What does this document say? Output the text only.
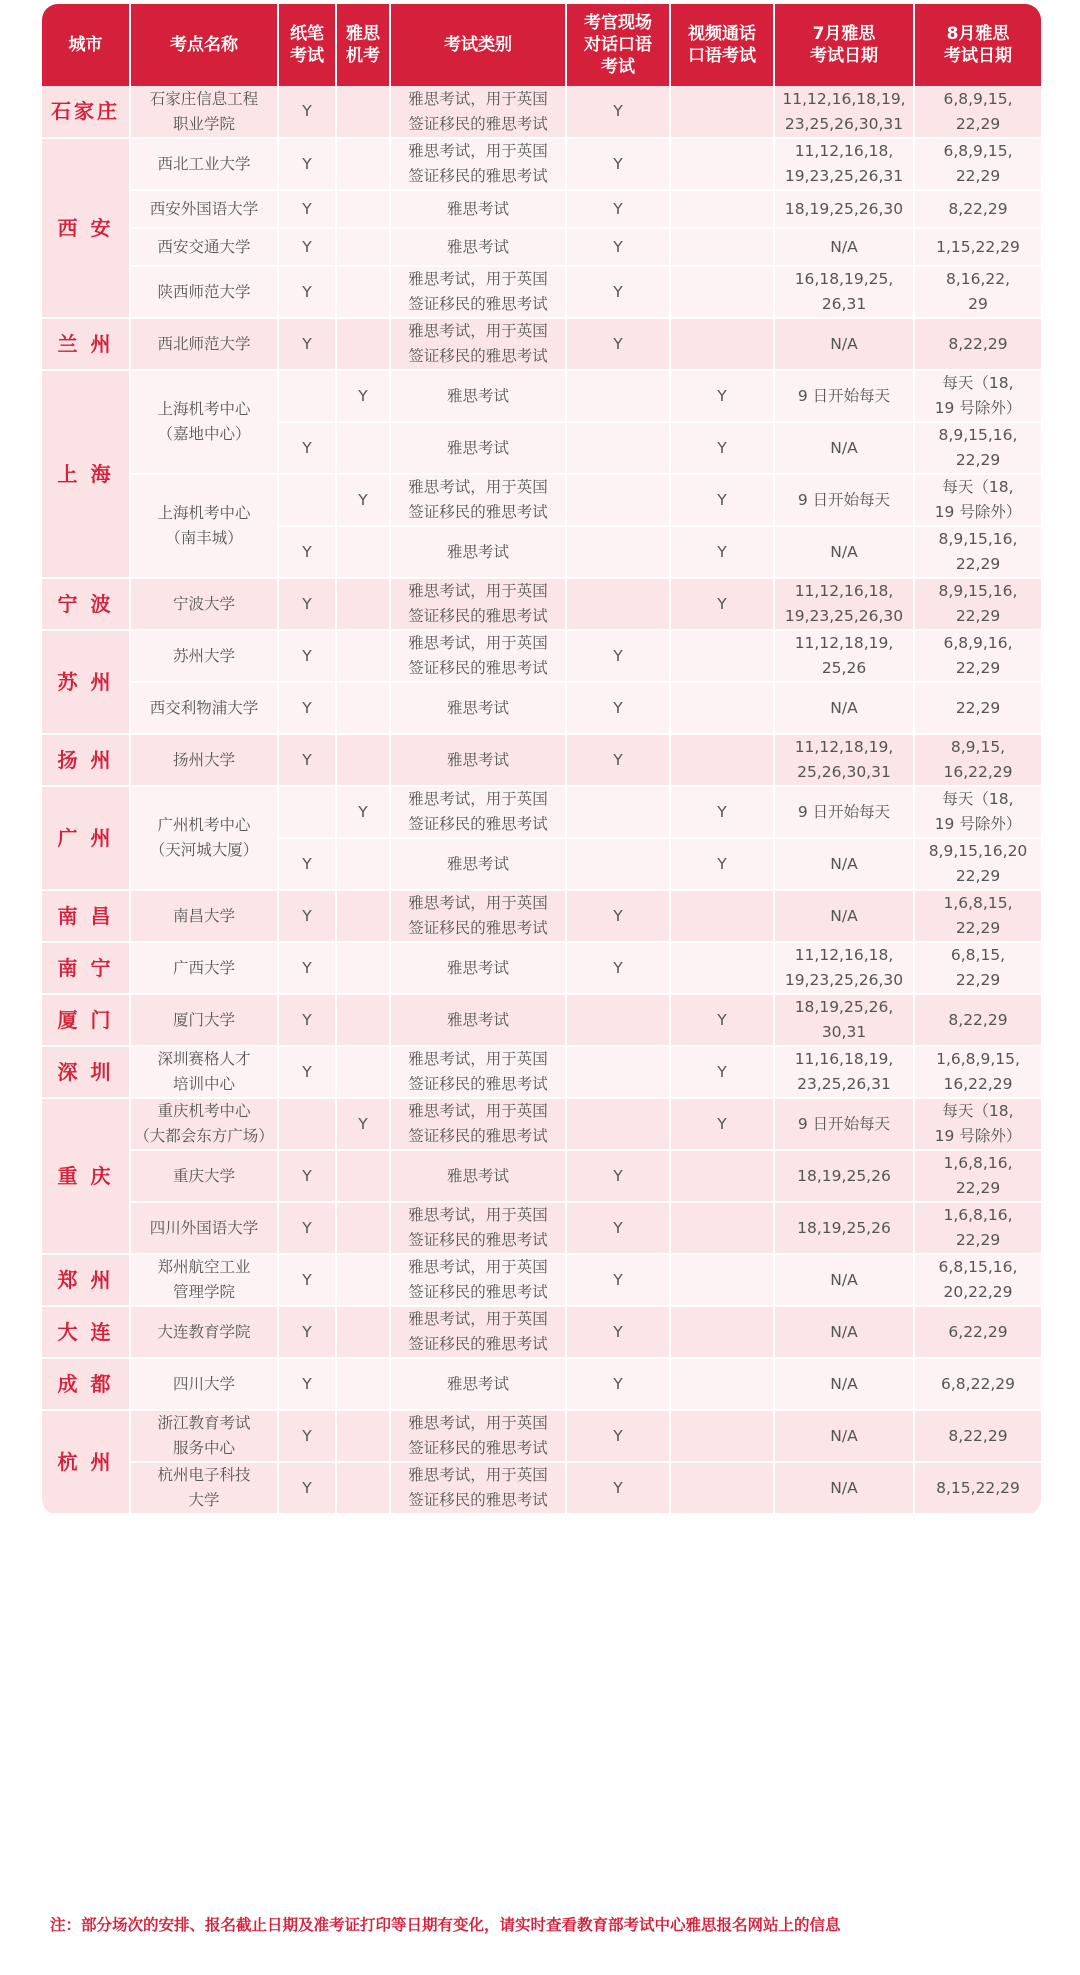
城市	考点名称	纸笔
考试	雅思
机考	考试类别	考官现场
对话口语
考试	视频通话
口语考试	7月雅思
考试日期	8月雅思
考试日期
石家庄	石家庄信息工程
职业学院	Y		雅思考试，用于英国
签证移民的雅思考试	Y		11,12,16,18,19,
23,25,26,30,31	6,8,9,15,
22,29
西 安	西北工业大学	Y		雅思考试，用于英国
签证移民的雅思考试	Y		11,12,16,18,
19,23,25,26,31	6,8,9,15,
22,29
	西安外国语大学	Y		雅思考试	Y		18,19,25,26,30	8,22,29
	西安交通大学	Y		雅思考试	Y		N/A	1,15,22,29
	陕西师范大学	Y		雅思考试，用于英国
签证移民的雅思考试	Y		16,18,19,25,
26,31	8,16,22,
29
兰 州	西北师范大学	Y		雅思考试，用于英国
签证移民的雅思考试	Y		N/A	8,22,29
上 海	上海机考中心
（嘉地中心）		Y	雅思考试		Y	9 日开始每天	每天（18,
19 号除外）
		Y		雅思考试		Y	N/A	8,9,15,16,
22,29
	上海机考中心
（南丰城）		Y	雅思考试，用于英国
签证移民的雅思考试		Y	9 日开始每天	每天（18,
19 号除外）
		Y		雅思考试		Y	N/A	8,9,15,16,
22,29
宁 波	宁波大学	Y		雅思考试，用于英国
签证移民的雅思考试		Y	11,12,16,18,
19,23,25,26,30	8,9,15,16,
22,29
苏 州	苏州大学	Y		雅思考试，用于英国
签证移民的雅思考试	Y		11,12,18,19,
25,26	6,8,9,16,
22,29
	西交利物浦大学	Y		雅思考试	Y		N/A	22,29
扬 州	扬州大学	Y		雅思考试	Y		11,12,18,19,
25,26,30,31	8,9,15,
16,22,29
广 州	广州机考中心
（天河城大厦）		Y	雅思考试，用于英国
签证移民的雅思考试		Y	9 日开始每天	每天（18,
19 号除外）
		Y		雅思考试		Y	N/A	8,9,15,16,20
22,29
南 昌	南昌大学	Y		雅思考试，用于英国
签证移民的雅思考试	Y		N/A	1,6,8,15,
22,29
南 宁	广西大学	Y		雅思考试	Y		11,12,16,18,
19,23,25,26,30	6,8,15,
22,29
厦 门	厦门大学	Y		雅思考试		Y	18,19,25,26,
30,31	8,22,29
深 圳	深圳赛格人才
培训中心	Y		雅思考试，用于英国
签证移民的雅思考试		Y	11,16,18,19,
23,25,26,31	1,6,8,9,15,
16,22,29
重 庆	重庆机考中心
（大都会东方广场）		Y	雅思考试，用于英国
签证移民的雅思考试		Y	9 日开始每天	每天（18,
19 号除外）
	重庆大学	Y		雅思考试	Y		18,19,25,26	1,6,8,16,
22,29
	四川外国语大学	Y		雅思考试，用于英国
签证移民的雅思考试	Y		18,19,25,26	1,6,8,16,
22,29
郑 州	郑州航空工业
管理学院	Y		雅思考试，用于英国
签证移民的雅思考试	Y		N/A	6,8,15,16,
20,22,29
大 连	大连教育学院	Y		雅思考试，用于英国
签证移民的雅思考试	Y		N/A	6,22,29
成 都	四川大学	Y		雅思考试	Y		N/A	6,8,22,29
杭 州	浙江教育考试
服务中心	Y		雅思考试，用于英国
签证移民的雅思考试	Y		N/A	8,22,29
	杭州电子科技
大学	Y		雅思考试，用于英国
签证移民的雅思考试	Y		N/A	8,15,22,29
注：部分场次的安排、报名截止日期及准考证打印等日期有变化，请实时查看教育部考试中心雅思报名网站上的信息
